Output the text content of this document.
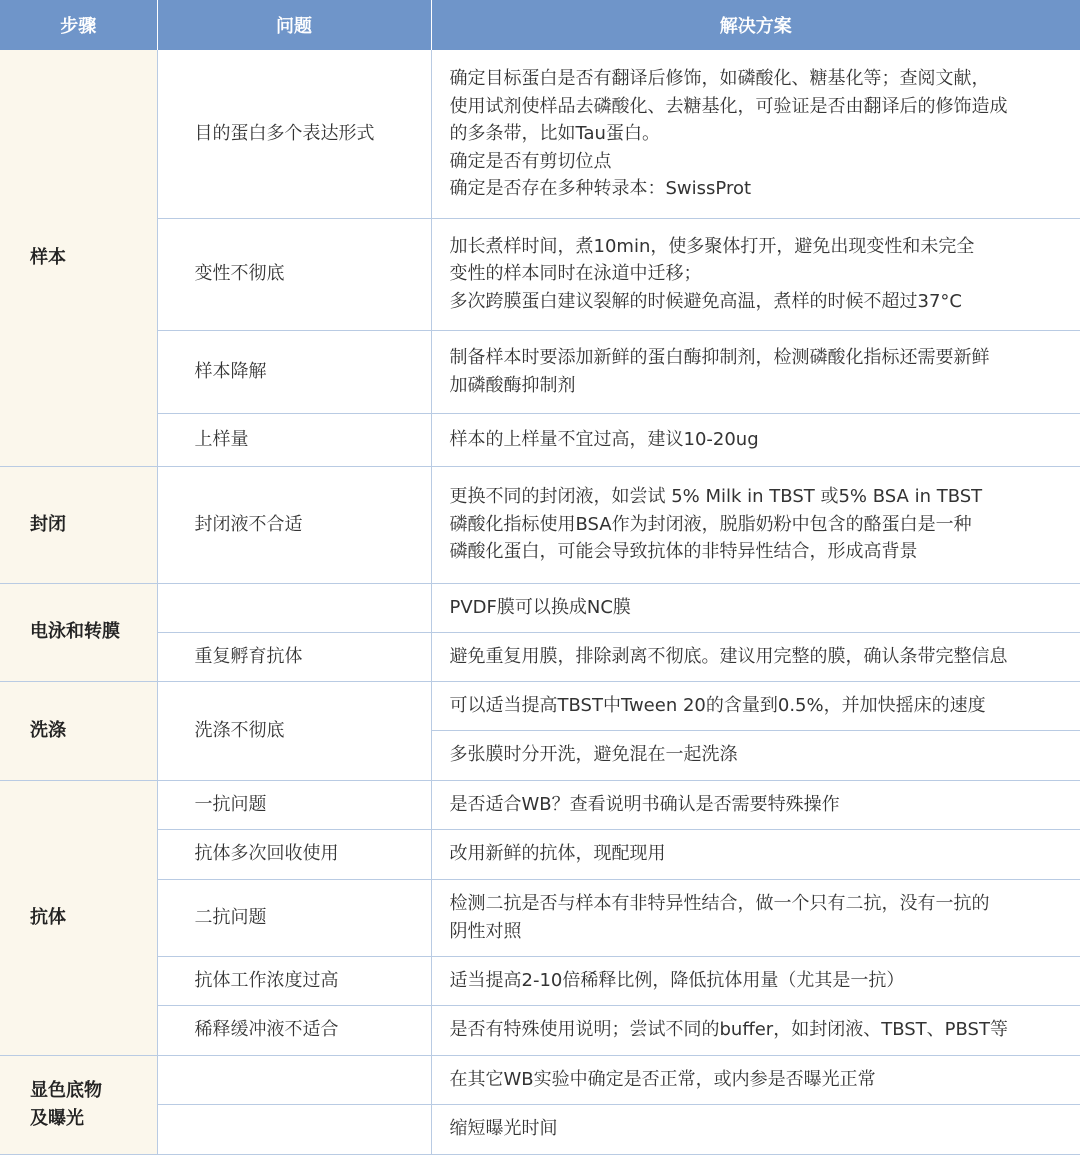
步骤	问题	解决方案
样本	目的蛋白多个表达形式	确定目标蛋白是否有翻译后修饰，如磷酸化、糖基化等；查阅文献，
使用试剂使样品去磷酸化、去糖基化，可验证是否由翻译后的修饰造成
的多条带，比如Tau蛋白。
确定是否有剪切位点
确定是否存在多种转录本：SwissProt

	变性不彻底	加长煮样时间，煮10min，使多聚体打开，避免出现变性和未完全
变性的样本同时在泳道中迁移；
多次跨膜蛋白建议裂解的时候避免高温，煮样的时候不超过37°C

	样本降解	制备样本时要添加新鲜的蛋白酶抑制剂，检测磷酸化指标还需要新鲜
加磷酸酶抑制剂

	上样量	样本的上样量不宜过高，建议10-20ug

封闭	封闭液不合适	更换不同的封闭液，如尝试 5% Milk in TBST 或5% BSA in TBST
磷酸化指标使用BSA作为封闭液，脱脂奶粉中包含的酪蛋白是一种
磷酸化蛋白，可能会导致抗体的非特异性结合，形成高背景

电泳和转膜		PVDF膜可以换成NC膜

	重复孵育抗体	避免重复用膜，排除剥离不彻底。建议用完整的膜，确认条带完整信息

洗涤	洗涤不彻底	可以适当提高TBST中Tween 20的含量到0.5%，并加快摇床的速度

		多张膜时分开洗，避免混在一起洗涤

抗体	一抗问题	是否适合WB？查看说明书确认是否需要特殊操作

	抗体多次回收使用	改用新鲜的抗体，现配现用

	二抗问题	检测二抗是否与样本有非特异性结合，做一个只有二抗，没有一抗的
阴性对照

	抗体工作浓度过高	适当提高2-10倍稀释比例，降低抗体用量（尤其是一抗）

	稀释缓冲液不适合	是否有特殊使用说明；尝试不同的buffer，如封闭液、TBST、PBST等

显色底物
及曝光		在其它WB实验中确定是否正常，或内参是否曝光正常

		缩短曝光时间
